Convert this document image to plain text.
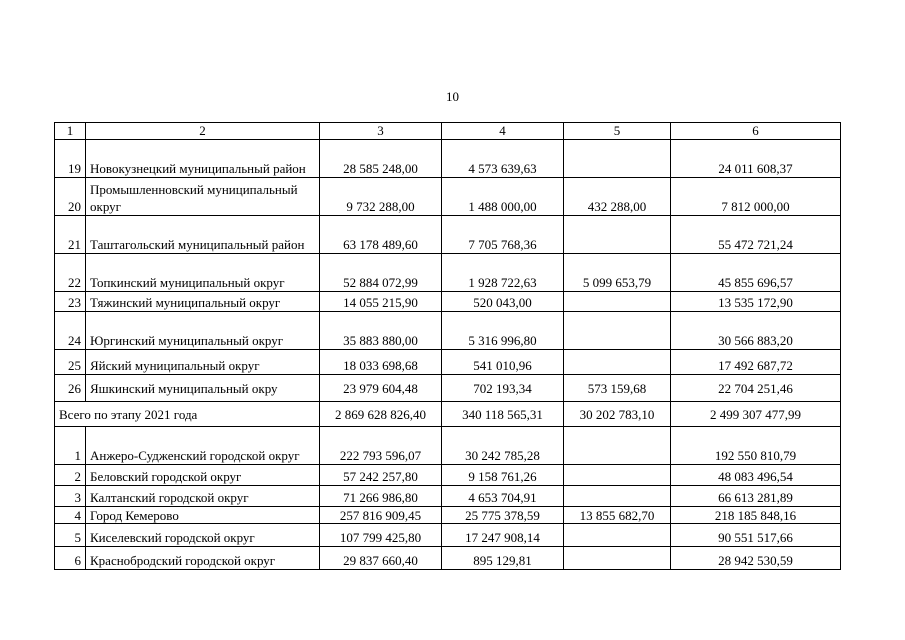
10
1	2	3	4	5	6
19	Новокузнецкий муниципальный район	28 585 248,00	4 573 639,63		24 011 608,37
20	Промышленновский муниципальный округ	9 732 288,00	1 488 000,00	432 288,00	7 812 000,00
21	Таштагольский муниципальный район	63 178 489,60	7 705 768,36		55 472 721,24
22	Топкинский муниципальный округ	52 884 072,99	1 928 722,63	5 099 653,79	45 855 696,57
23	Тяжинский муниципальный округ	14 055 215,90	520 043,00		13 535 172,90
24	Юргинский муниципальный округ	35 883 880,00	5 316 996,80		30 566 883,20
25	Яйский муниципальный округ	18 033 698,68	541 010,96		17 492 687,72
26	Яшкинский муниципальный окру	23 979 604,48	702 193,34	573 159,68	22 704 251,46
Всего по этапу 2021 года		2 869 628 826,40	340 118 565,31	30 202 783,10	2 499 307 477,99
1	Анжеро-Судженский городской округ	222 793 596,07	30 242 785,28		192 550 810,79
2	Беловский городской округ	57 242 257,80	9 158 761,26		48 083 496,54
3	Калтанский городской округ	71 266 986,80	4 653 704,91		66 613 281,89
4	Город Кемерово	257 816 909,45	25 775 378,59	13 855 682,70	218 185 848,16
5	Киселевский городской округ	107 799 425,80	17 247 908,14		90 551 517,66
6	Краснобродский городской округ	29 837 660,40	895 129,81		28 942 530,59
